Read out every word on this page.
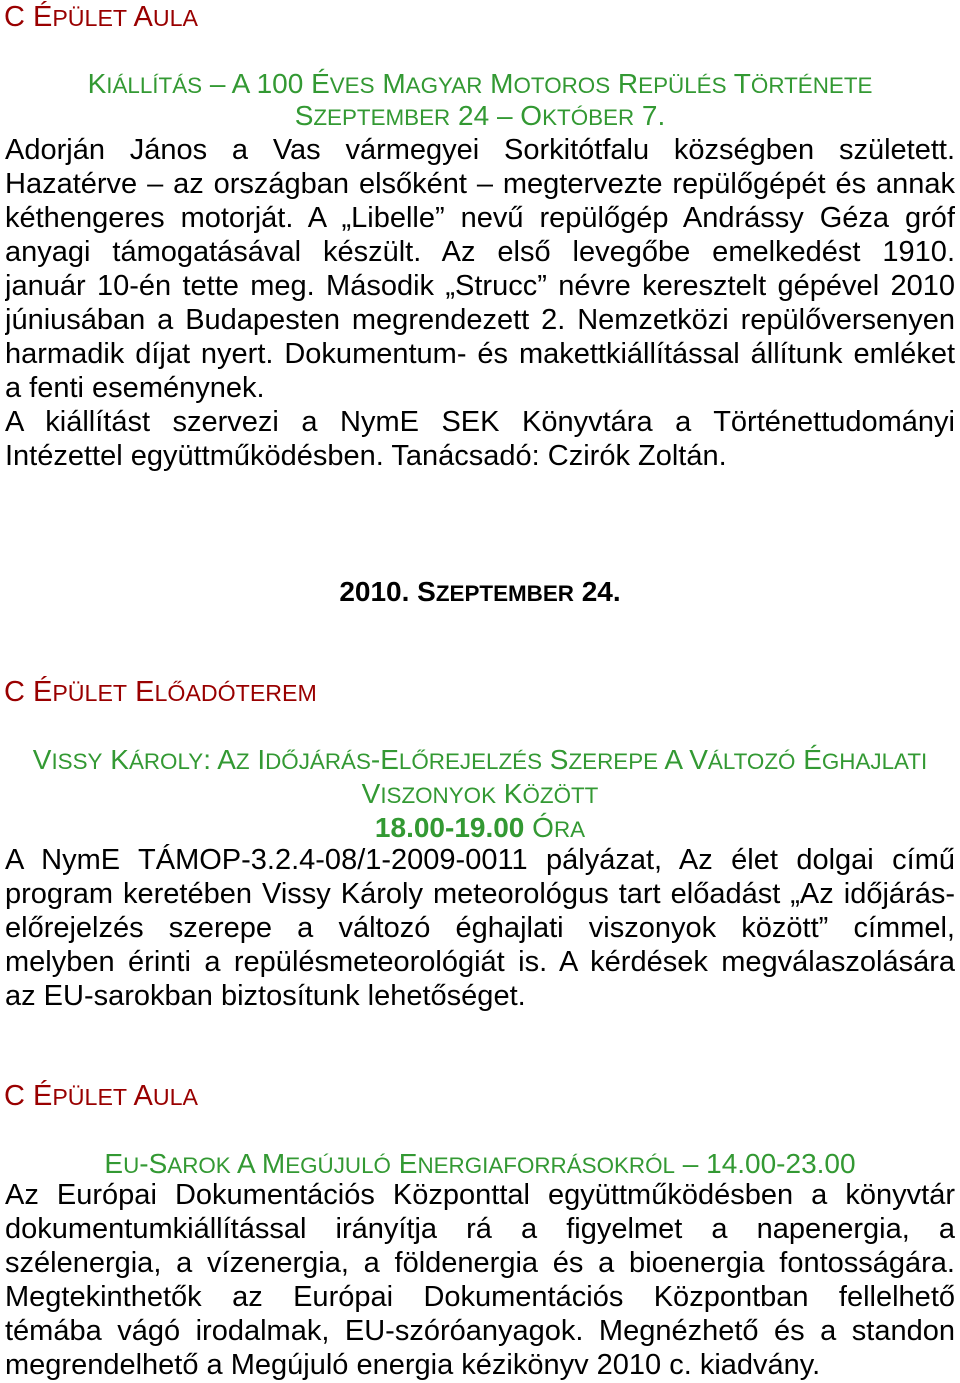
C ÉPÜLET AULA
KIÁLLÍTÁS – A 100 ÉVES MAGYAR MOTOROS REPÜLÉS TÖRTÉNETE
SZEPTEMBER 24 – OKTÓBER 7.
Adorján János a Vas vármegyei Sorkitótfalu községben született.
Hazatérve – az országban elsőként – megtervezte repülőgépét és annak
kéthengeres motorját. A „Libelle” nevű repülőgép Andrássy Géza gróf
anyagi támogatásával készült. Az első levegőbe emelkedést 1910.
január 10-én tette meg. Második „Strucc” névre keresztelt gépével 2010
júniusában a Budapesten megrendezett 2. Nemzetközi repülőversenyen
harmadik díjat nyert. Dokumentum- és makettkiállítással állítunk emléket
a fenti eseménynek.
A kiállítást szervezi a NymE SEK Könyvtára a Történettudományi
Intézettel együttműködésben. Tanácsadó: Czirók Zoltán.
2010. SZEPTEMBER 24.
C ÉPÜLET ELŐADÓTEREM
VISSY KÁROLY: AZ IDŐJÁRÁS-ELŐREJELZÉS SZEREPE A VÁLTOZÓ ÉGHAJLATI
VISZONYOK KÖZÖTT
18.00-19.00 ÓRA
A NymE TÁMOP-3.2.4-08/1-2009-0011 pályázat, Az élet dolgai című
program keretében Vissy Károly meteorológus tart előadást „Az időjárás-
előrejelzés szerepe a változó éghajlati viszonyok között” címmel,
melyben érinti a repülésmeteorológiát is. A kérdések megválaszolására
az EU-sarokban biztosítunk lehetőséget.
C ÉPÜLET AULA
EU-SAROK A MEGÚJULÓ ENERGIAFORRÁSOKRÓL – 14.00-23.00
Az Európai Dokumentációs Központtal együttműködésben a könyvtár
dokumentumkiállítással irányítja rá a figyelmet a napenergia, a
szélenergia, a vízenergia, a földenergia és a bioenergia fontosságára.
Megtekinthetők az Európai Dokumentációs Központban fellelhető
témába vágó irodalmak, EU-szóróanyagok. Megnézhető és a standon
megrendelhető a Megújuló energia kézikönyv 2010 c. kiadvány.
